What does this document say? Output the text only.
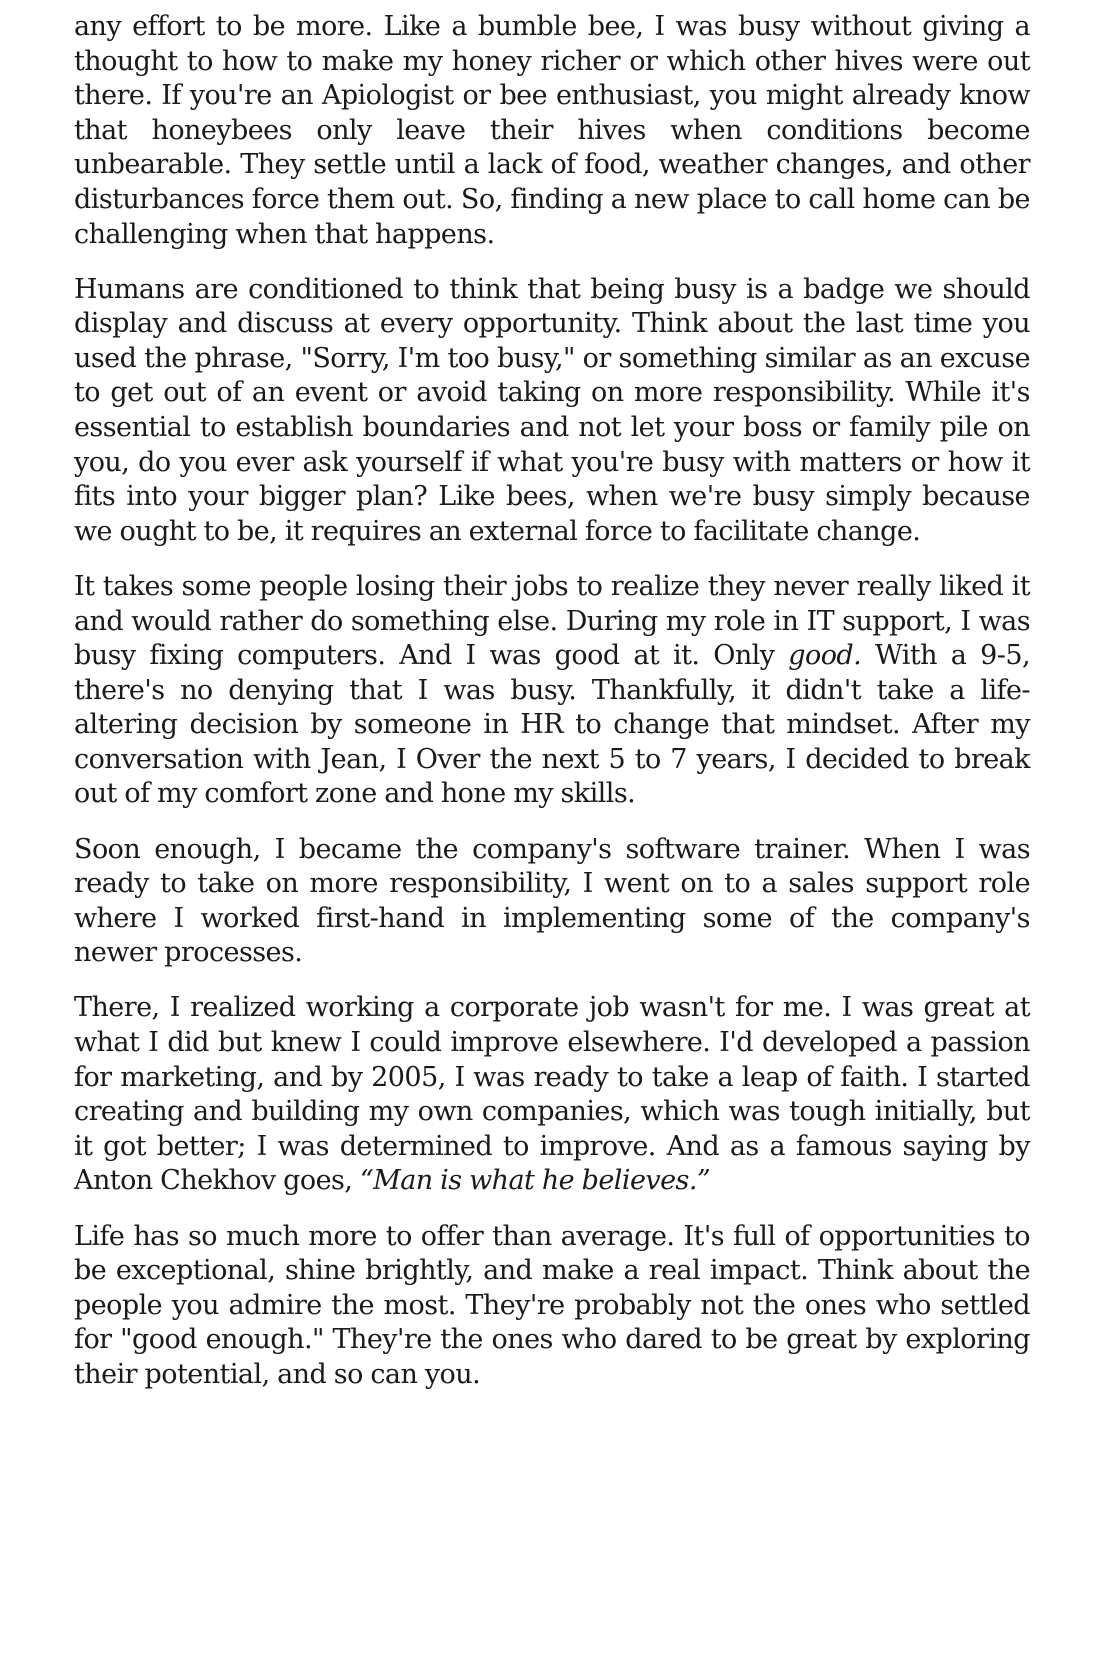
any effort to be more. Like a bumble bee, I was busy without giving a thought to how to make my honey richer or which other hives were out there. If you're an Apiologist or bee enthusiast, you might already know that honeybees only leave their hives when conditions become unbearable. They settle until a lack of food, weather changes, and other disturbances force them out. So, finding a new place to call home can be challenging when that happens.

Humans are conditioned to think that being busy is a badge we should display and discuss at every opportunity. Think about the last time you used the phrase, "Sorry, I'm too busy," or something similar as an excuse to get out of an event or avoid taking on more responsibility. While it's essential to establish boundaries and not let your boss or family pile on you, do you ever ask yourself if what you're busy with matters or how it fits into your bigger plan? Like bees, when we're busy simply because we ought to be, it requires an external force to facilitate change.

It takes some people losing their jobs to realize they never really liked it and would rather do something else. During my role in IT support, I was busy fixing computers. And I was good at it. Only good. With a 9-5, there's no denying that I was busy. Thankfully, it didn't take a life-altering decision by someone in HR to change that mindset. After my conversation with Jean, I Over the next 5 to 7 years, I decided to break out of my comfort zone and hone my skills.

Soon enough, I became the company's software trainer. When I was ready to take on more responsibility, I went on to a sales support role where I worked first-hand in implementing some of the company's newer processes.

There, I realized working a corporate job wasn't for me. I was great at what I did but knew I could improve elsewhere. I'd developed a passion for marketing, and by 2005, I was ready to take a leap of faith. I started creating and building my own companies, which was tough initially, but it got better; I was determined to improve. And as a famous saying by Anton Chekhov goes, “Man is what he believes.”

Life has so much more to offer than average. It's full of opportunities to be exceptional, shine brightly, and make a real impact. Think about the people you admire the most. They're probably not the ones who settled for "good enough." They're the ones who dared to be great by exploring their potential, and so can you.
